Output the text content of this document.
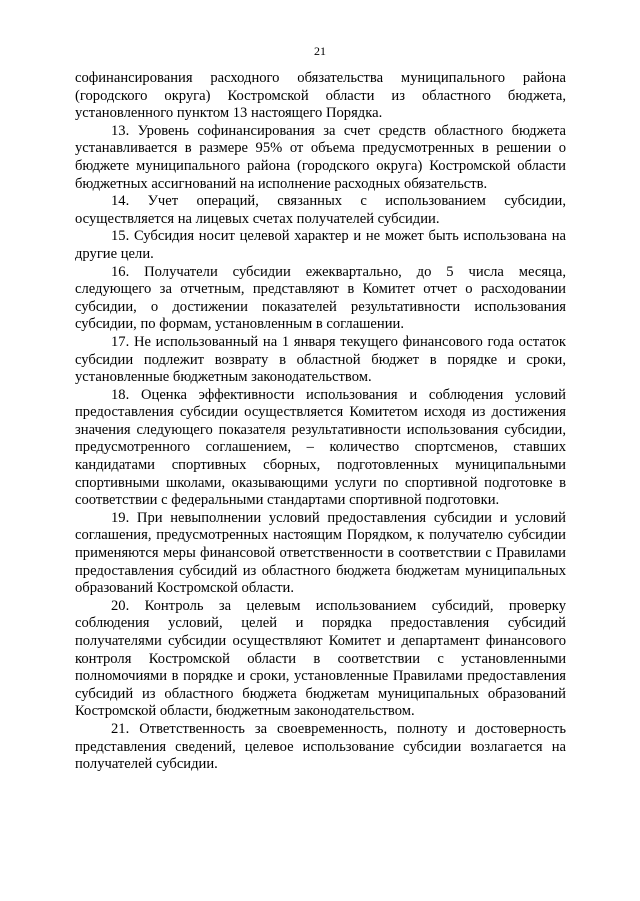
21

софинансирования расходного обязательства муниципального района (городского округа) Костромской области из областного бюджета, установленного пунктом 13 настоящего Порядка.

13. Уровень софинансирования за счет средств областного бюджета устанавливается в размере 95% от объема предусмотренных в решении о бюджете муниципального района (городского округа) Костромской области бюджетных ассигнований на исполнение расходных обязательств.

14. Учет операций, связанных с использованием субсидии, осуществляется на лицевых счетах получателей субсидии.

15. Субсидия носит целевой характер и не может быть использована на другие цели.

16. Получатели субсидии ежеквартально, до 5 числа месяца, следующего за отчетным, представляют в Комитет отчет о расходовании субсидии, о достижении показателей результативности использования субсидии, по формам, установленным в соглашении.

17. Не использованный на 1 января текущего финансового года остаток субсидии подлежит возврату в областной бюджет в порядке и сроки, установленные бюджетным законодательством.

18. Оценка эффективности использования и соблюдения условий предоставления субсидии осуществляется Комитетом исходя из достижения значения следующего показателя результативности использования субсидии, предусмотренного соглашением, – количество спортсменов, ставших кандидатами спортивных сборных, подготовленных муниципальными спортивными школами, оказывающими услуги по спортивной подготовке в соответствии с федеральными стандартами спортивной подготовки.

19. При невыполнении условий предоставления субсидии и условий соглашения, предусмотренных настоящим Порядком, к получателю субсидии применяются меры финансовой ответственности в соответствии с Правилами предоставления субсидий из областного бюджета бюджетам муниципальных образований Костромской области.

20. Контроль за целевым использованием субсидий, проверку соблюдения условий, целей и порядка предоставления субсидий получателями субсидии осуществляют Комитет и департамент финансового контроля Костромской области в соответствии с установленными полномочиями в порядке и сроки, установленные Правилами предоставления субсидий из областного бюджета бюджетам муниципальных образований Костромской области, бюджетным законодательством.

21. Ответственность за своевременность, полноту и достоверность представления сведений, целевое использование субсидии возлагается на получателей субсидии.
